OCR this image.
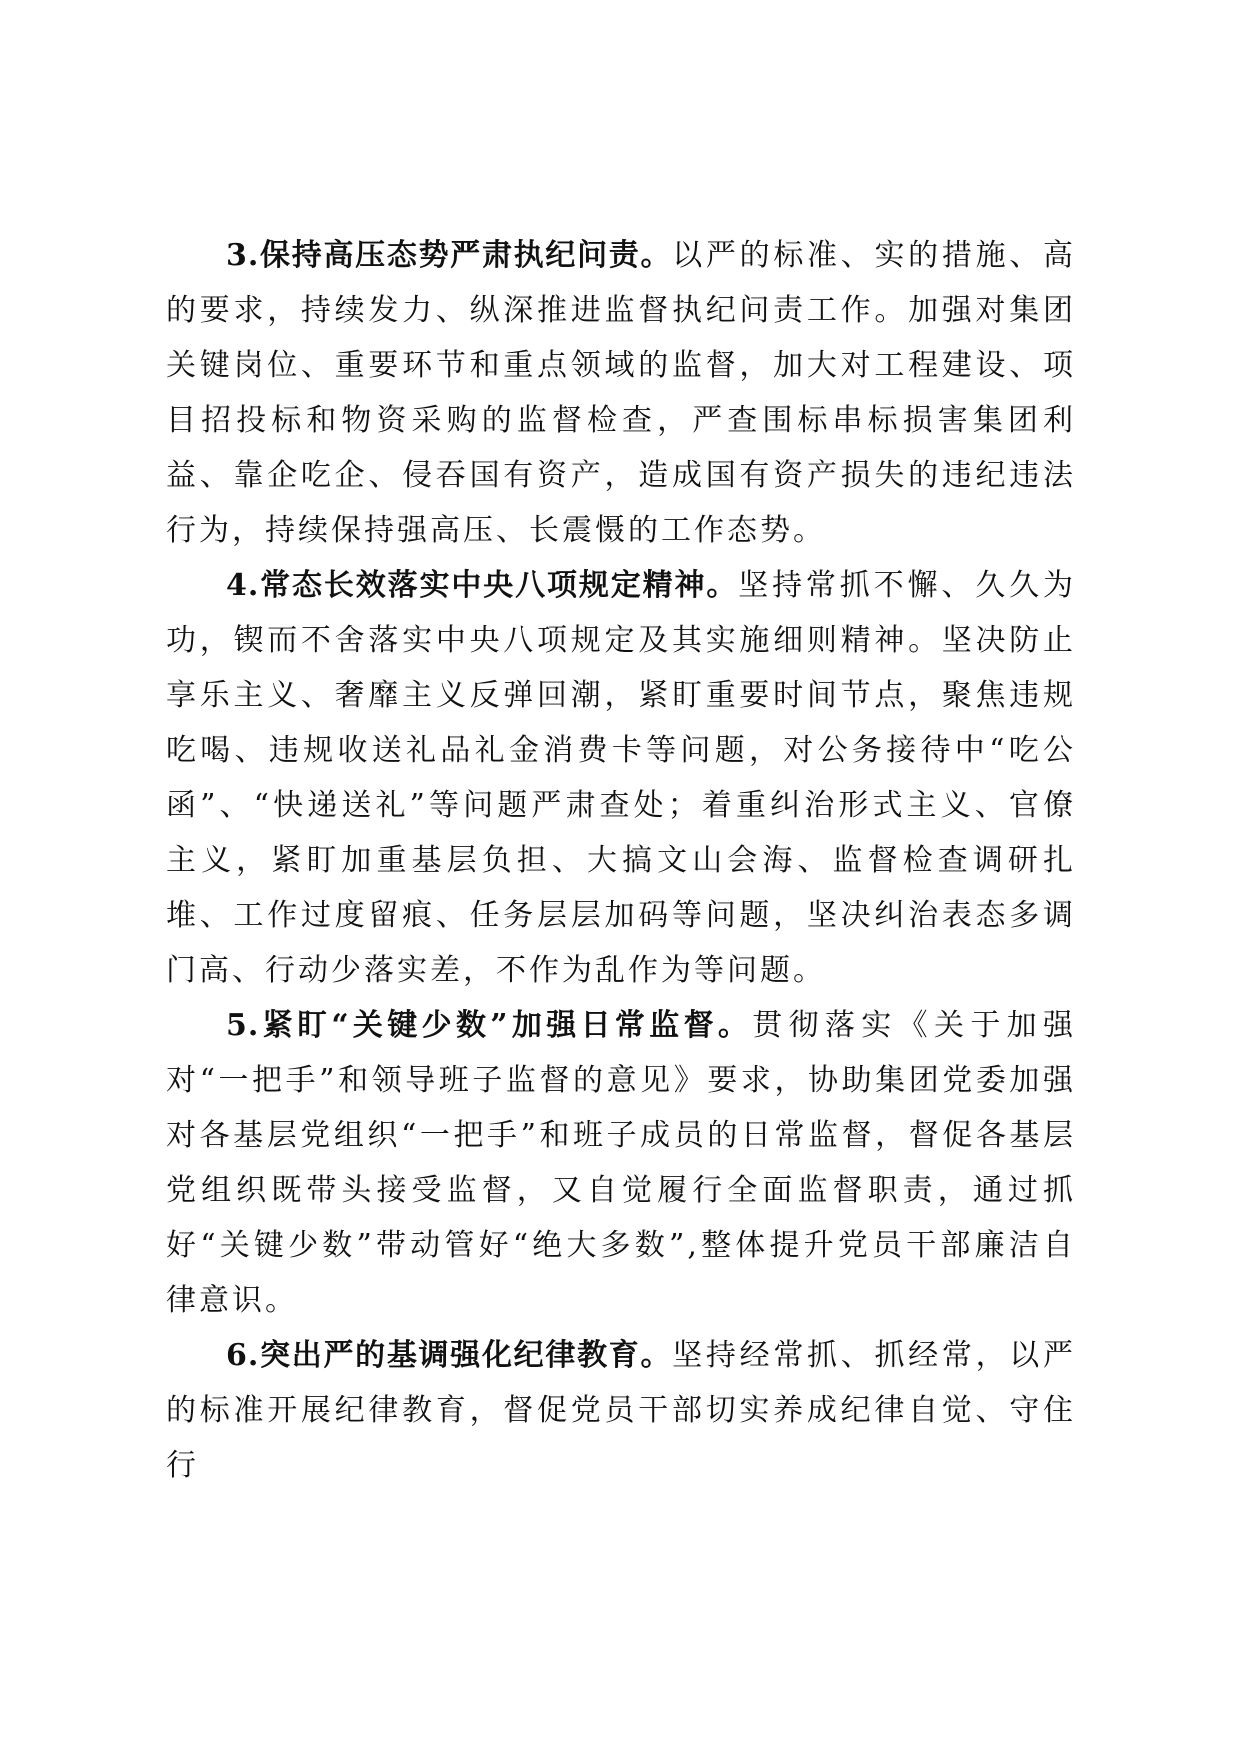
3.保持高压态势严肃执纪问责。以严的标准、实的措施、高的要求，持续发力、纵深推进监督执纪问责工作。加强对集团关键岗位、重要环节和重点领域的监督，加大对工程建设、项目招投标和物资采购的监督检查，严查围标串标损害集团利益、靠企吃企、侵吞国有资产，造成国有资产损失的违纪违法行为，持续保持强高压、长震慑的工作态势。

4.常态长效落实中央八项规定精神。坚持常抓不懈、久久为功，锲而不舍落实中央八项规定及其实施细则精神。坚决防止享乐主义、奢靡主义反弹回潮，紧盯重要时间节点，聚焦违规吃喝、违规收送礼品礼金消费卡等问题，对公务接待中“吃公函”、“快递送礼”等问题严肃查处；着重纠治形式主义、官僚主义，紧盯加重基层负担、大搞文山会海、监督检查调研扎堆、工作过度留痕、任务层层加码等问题，坚决纠治表态多调门高、行动少落实差，不作为乱作为等问题。

5.紧盯“关键少数”加强日常监督。贯彻落实《关于加强对“一把手”和领导班子监督的意见》要求，协助集团党委加强对各基层党组织“一把手”和班子成员的日常监督，督促各基层党组织既带头接受监督，又自觉履行全面监督职责，通过抓好“关键少数”带动管好“绝大多数”,整体提升党员干部廉洁自律意识。

6.突出严的基调强化纪律教育。坚持经常抓、抓经常，以严的标准开展纪律教育，督促党员干部切实养成纪律自觉、守住行
